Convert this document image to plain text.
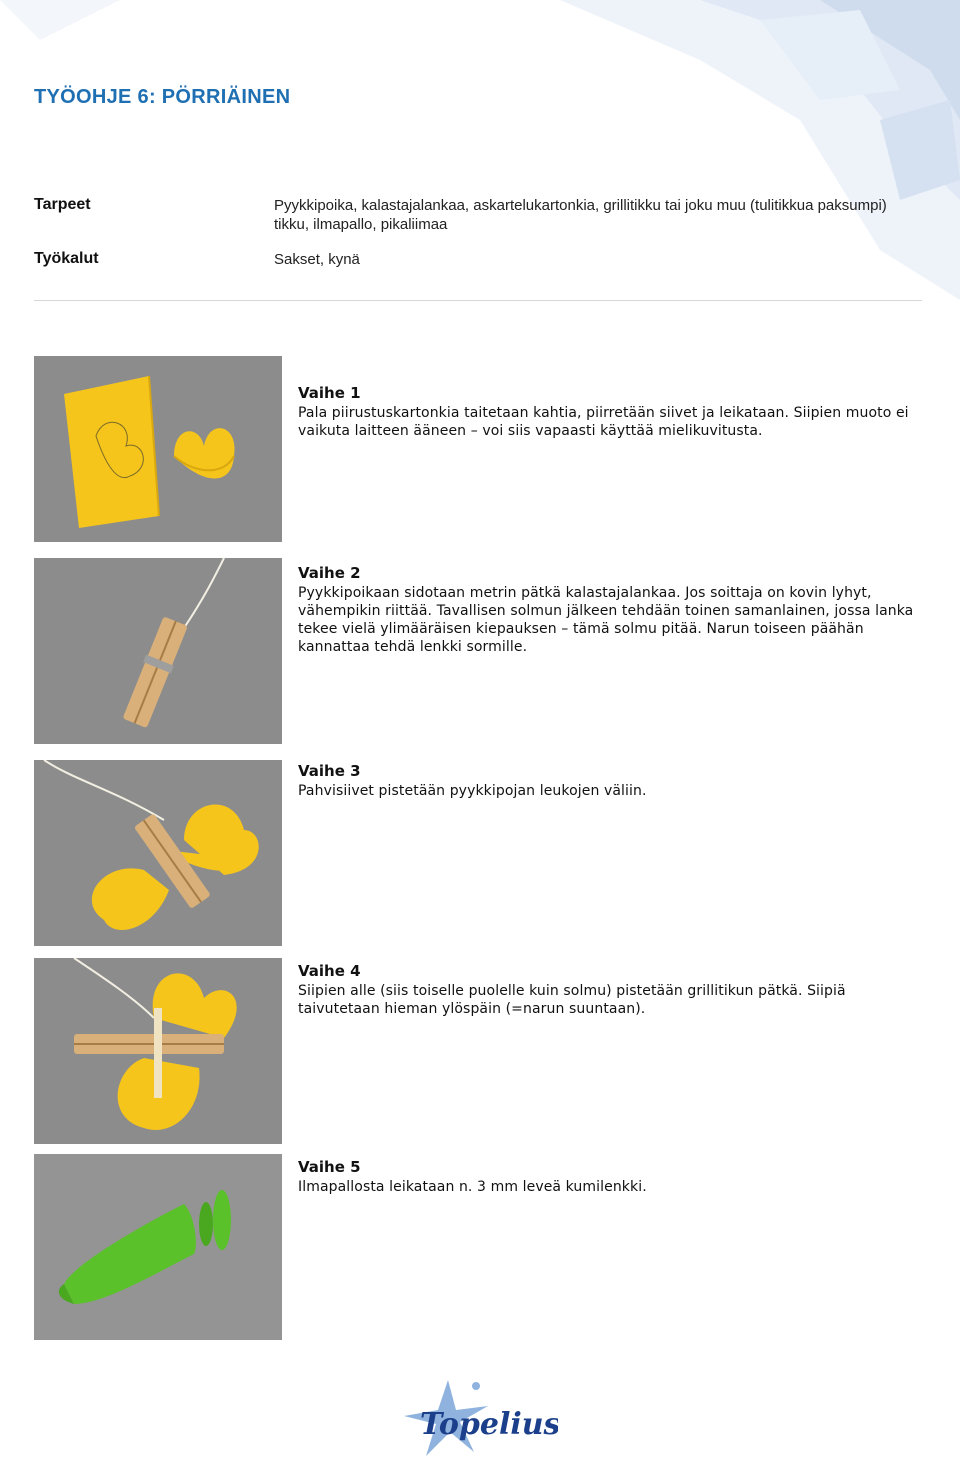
TYÖOHJE 6: PÖRRIÄINEN
Tarpeet	Pyykkipoika, kalastajalankaa, askartelukartonkia, grillitikku tai joku muu (tulitikkua paksumpi) tikku, ilmapallo, pikaliimaa
Työkalut	Sakset, kynä
Vaihe 1
Pala piirustuskartonkia taitetaan kahtia, piirretään siivet ja leikataan. Siipien muoto ei vaikuta laitteen ääneen – voi siis vapaasti käyttää mielikuvitusta.
Vaihe 2
Pyykkipoikaan sidotaan metrin pätkä kalastajalankaa. Jos soittaja on kovin lyhyt, vähempikin riittää. Tavallisen solmun jälkeen tehdään toinen samanlainen, jossa lanka tekee vielä ylimääräisen kiepauksen – tämä solmu pitää. Narun toiseen päähän kannattaa tehdä lenkki sormille.
Vaihe 3
Pahvisiivet pistetään pyykkipojan leukojen väliin.
Vaihe 4
Siipien alle (siis toiselle puolelle kuin solmu) pistetään grillitikun pätkä. Siipiä taivutetaan hieman ylöspäin (=narun suuntaan).
Vaihe 5
Ilmapallosta leikataan n. 3 mm leveä kumilenkki.
Topelius
